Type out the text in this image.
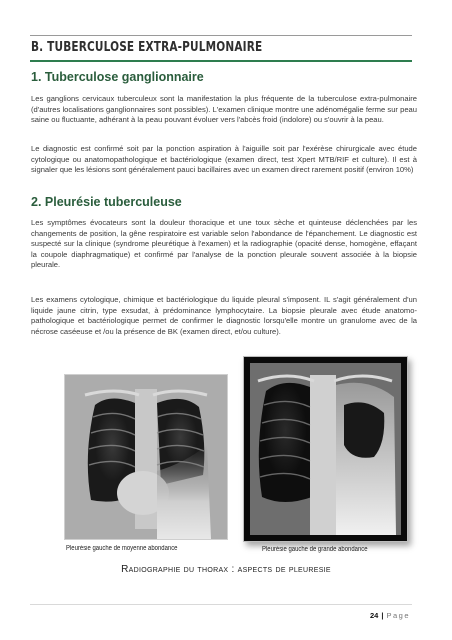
B. TUBERCULOSE EXTRA-PULMONAIRE
1. Tuberculose ganglionnaire

Les ganglions cervicaux tuberculeux sont la manifestation la plus fréquente de la tuberculose extra-pulmonaire (d'autres localisations ganglionnaires sont possibles). L'examen clinique montre une adénomégalie ferme sur peau saine ou fluctuante, adhérant à la peau pouvant évoluer vers l'abcès froid (indolore) ou s'ouvrir à la peau.

Le diagnostic est confirmé soit par la ponction aspiration à l'aiguille soit par l'exérèse chirurgicale avec étude cytologique ou anatomopathologique et bactériologique (examen direct, test Xpert MTB/RIF et culture). Il est à signaler que les lésions sont généralement pauci bacillaires avec un examen direct rarement positif (environ 10%)

2. Pleurésie tuberculeuse

Les symptômes évocateurs sont la douleur thoracique et une toux sèche et quinteuse déclenchées par les changements de position, la gêne respiratoire est variable selon l'abondance de l'épanchement. Le diagnostic est suspecté sur la clinique (syndrome pleurétique à l'examen) et la radiographie (opacité dense, homogène, effaçant la coupole diaphragmatique) et confirmé par l'analyse de la ponction pleurale souvent associée à la biopsie pleurale.

Les examens cytologique, chimique et bactériologique du liquide pleural s'imposent. IL s'agit généralement d'un liquide jaune citrin, type exsudat, à prédominance lymphocytaire. La biopsie pleurale avec étude anatomo-pathologique et bactériologique permet de confirmer le diagnostic lorsqu'elle montre un granulome avec de la nécrose caséeuse et /ou la présence de BK (examen direct, et/ou culture).

Pleurésie gauche de moyenne abondance	Pleurésie gauche de grande abondance

Radiographie du thorax : aspects de pleuresie

24 | Page
